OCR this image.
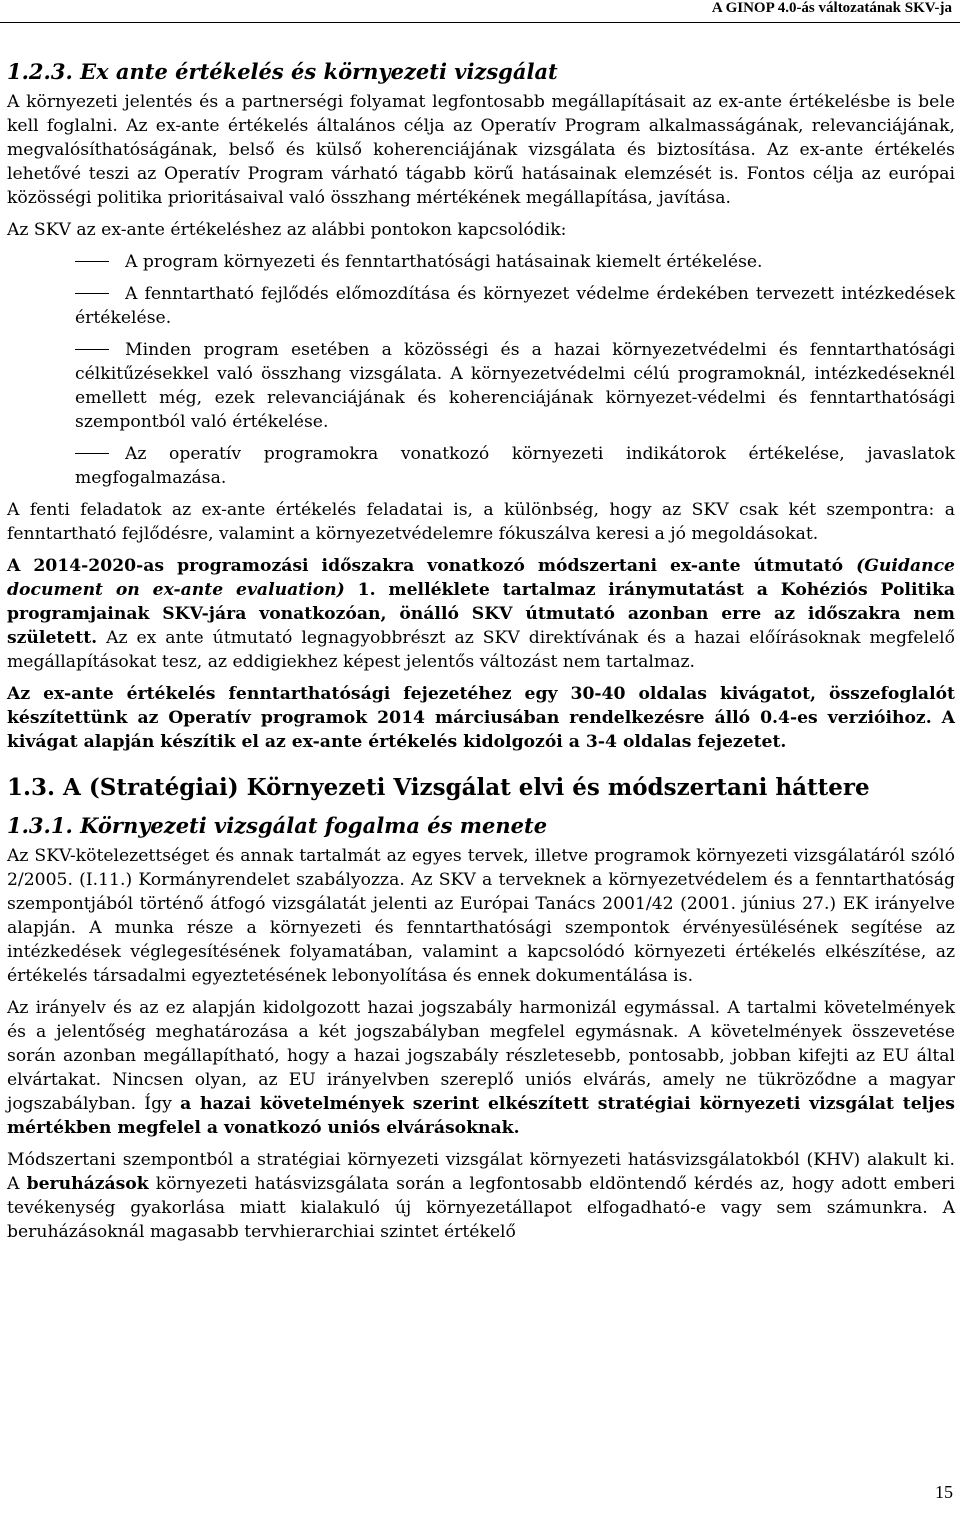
A GINOP 4.0-ás változatának SKV-ja
1.2.3. Ex ante értékelés és környezeti vizsgálat

A környezeti jelentés és a partnerségi folyamat legfontosabb megállapításait az ex-ante értékelésbe is bele kell foglalni. Az ex-ante értékelés általános célja az Operatív Program alkalmasságának, relevanciájának, megvalósíthatóságának, belső és külső koherenciájának vizsgálata és biztosítása. Az ex-ante értékelés lehetővé teszi az Operatív Program várható tágabb körű hatásainak elemzését is. Fontos célja az európai közösségi politika prioritásaival való összhang mértékének megállapítása, javítása.

Az SKV az ex-ante értékeléshez az alábbi pontokon kapcsolódik:

A program környezeti és fenntarthatósági hatásainak kiemelt értékelése.
A fenntartható fejlődés előmozdítása és környezet védelme érdekében tervezett intézkedések értékelése.
Minden program esetében a közösségi és a hazai környezetvédelmi és fenntarthatósági célkitűzésekkel való összhang vizsgálata. A környezetvédelmi célú programoknál, intézkedéseknél emellett még, ezek relevanciájának és koherenciájának környezet-védelmi és fenntarthatósági szempontból való értékelése.
Az operatív programokra vonatkozó környezeti indikátorok értékelése, javaslatok megfogalmazása.

A fenti feladatok az ex-ante értékelés feladatai is, a különbség, hogy az SKV csak két szempontra: a fenntartható fejlődésre, valamint a környezetvédelemre fókuszálva keresi a jó megoldásokat.

A 2014-2020-as programozási időszakra vonatkozó módszertani ex-ante útmutató (Guidance document on ex-ante evaluation) 1. melléklete tartalmaz iránymutatást a Kohéziós Politika programjainak SKV-jára vonatkozóan, önálló SKV útmutató azonban erre az időszakra nem született. Az ex ante útmutató legnagyobbrészt az SKV direktívának és a hazai előírásoknak megfelelő megállapításokat tesz, az eddigiekhez képest jelentős változást nem tartalmaz.

Az ex-ante értékelés fenntarthatósági fejezetéhez egy 30-40 oldalas kivágatot, összefoglalót készítettünk az Operatív programok 2014 márciusában rendelkezésre álló 0.4-es verzióihoz. A kivágat alapján készítik el az ex-ante értékelés kidolgozói a 3-4 oldalas fejezetet.

1.3. A (Stratégiai) Környezeti Vizsgálat elvi és módszertani háttere
1.3.1. Környezeti vizsgálat fogalma és menete

Az SKV-kötelezettséget és annak tartalmát az egyes tervek, illetve programok környezeti vizsgálatáról szóló 2/2005. (I.11.) Kormányrendelet szabályozza. Az SKV a terveknek a környezetvédelem és a fenntarthatóság szempontjából történő átfogó vizsgálatát jelenti az Európai Tanács 2001/42 (2001. június 27.) EK irányelve alapján. A munka része a környezeti és fenntarthatósági szempontok érvényesülésének segítése az intézkedések véglegesítésének folyamatában, valamint a kapcsolódó környezeti értékelés elkészítése, az értékelés társadalmi egyeztetésének lebonyolítása és ennek dokumentálása is.

Az irányelv és az ez alapján kidolgozott hazai jogszabály harmonizál egymással. A tartalmi követelmények és a jelentőség meghatározása a két jogszabályban megfelel egymásnak. A követelmények összevetése során azonban megállapítható, hogy a hazai jogszabály részletesebb, pontosabb, jobban kifejti az EU által elvártakat. Nincsen olyan, az EU irányelvben szereplő uniós elvárás, amely ne tükröződne a magyar jogszabályban. Így a hazai követelmények szerint elkészített stratégiai környezeti vizsgálat teljes mértékben megfelel a vonatkozó uniós elvárásoknak.

Módszertani szempontból a stratégiai környezeti vizsgálat környezeti hatásvizsgálatokból (KHV) alakult ki. A beruházások környezeti hatásvizsgálata során a legfontosabb eldöntendő kérdés az, hogy adott emberi tevékenység gyakorlása miatt kialakuló új környezetállapot elfogadható-e vagy sem számunkra. A beruházásoknál magasabb tervhierarchiai szintet értékelő

15
